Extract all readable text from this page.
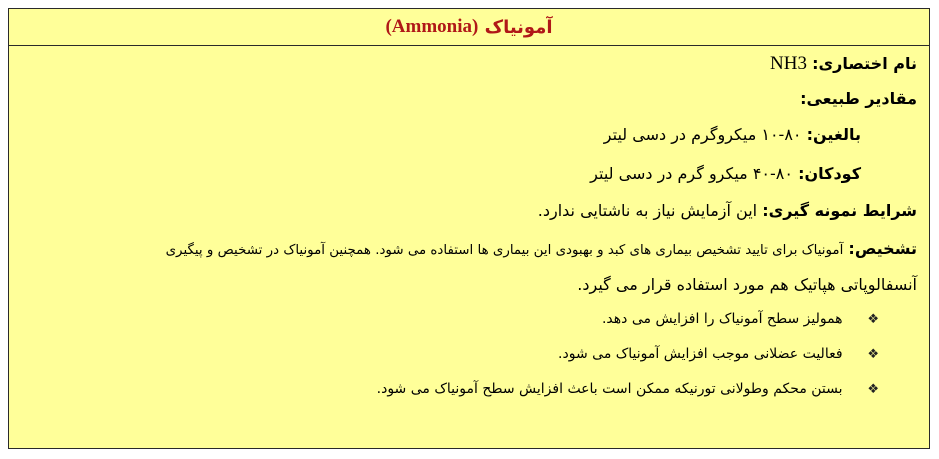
آمونیاک

(Ammonia)
نام اختصاری: NH3
مقادیر طبیعی:
بالغین: ۸۰-۱۰ میکروگرم در دسی لیتر
کودکان: ۸۰-۴۰ میکرو گرم در دسی لیتر
شرایط نمونه گیری: این آزمایش نیاز به ناشتایی ندارد.
تشخیص: آمونیاک برای تایید تشخیص بیماری های کبد و بهبودی این بیماری ها استفاده می شود. همچنین آمونیاک در تشخیص و پیگیری
آنسفالوپاتی هپاتیک هم مورد استفاده قرار می گیرد.
❖ همولیز سطح آمونیاک را افزایش می دهد.
❖ فعالیت عضلانی موجب افزایش آمونیاک می شود.
❖ بستن محکم وطولانی تورنیکه ممکن است باعث افزایش سطح آمونیاک می شود.
